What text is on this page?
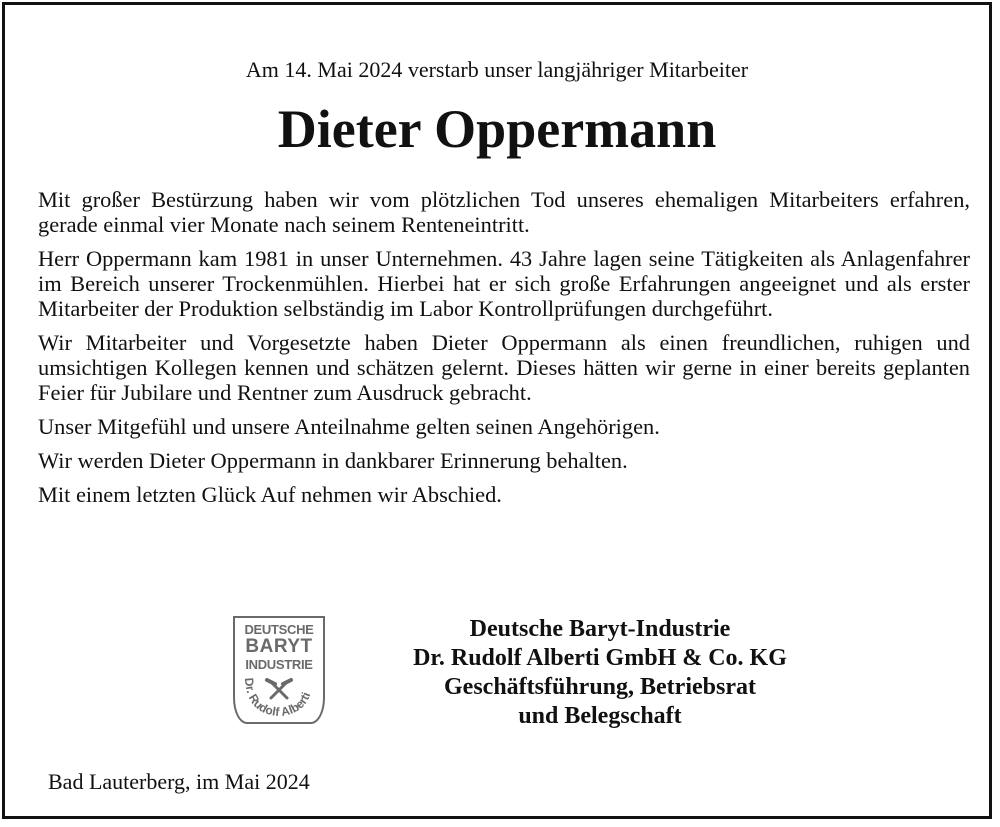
Am 14. Mai 2024 verstarb unser langjähriger Mitarbeiter
Dieter Oppermann

Mit großer Bestürzung haben wir vom plötzlichen Tod unseres ehemaligen Mitarbeiters erfahren, gerade einmal vier Monate nach seinem Renteneintritt.

Herr Oppermann kam 1981 in unser Unternehmen. 43 Jahre lagen seine Tätigkeiten als Anlagenfahrer im Bereich unserer Trockenmühlen. Hierbei hat er sich große Erfahrungen angeeignet und als erster Mitarbeiter der Produktion selbständig im Labor Kontrollprüfungen durchgeführt.

Wir Mitarbeiter und Vorgesetzte haben Dieter Oppermann als einen freundlichen, ruhigen und umsichtigen Kollegen kennen und schätzen gelernt. Dieses hätten wir gerne in einer bereits geplanten Feier für Jubilare und Rentner zum Ausdruck gebracht.

Unser Mitgefühl und unsere Anteilnahme gelten seinen Angehörigen.

Wir werden Dieter Oppermann in dankbarer Erinnerung behalten.

Mit einem letzten Glück Auf nehmen wir Abschied.

DEUTSCHE
BARYT
INDUSTRIE
Dr. Rudolf Alberti
Deutsche Baryt-Industrie
Dr. Rudolf Alberti GmbH & Co. KG
Geschäftsführung, Betriebsrat
und Belegschaft
Bad Lauterberg, im Mai 2024
